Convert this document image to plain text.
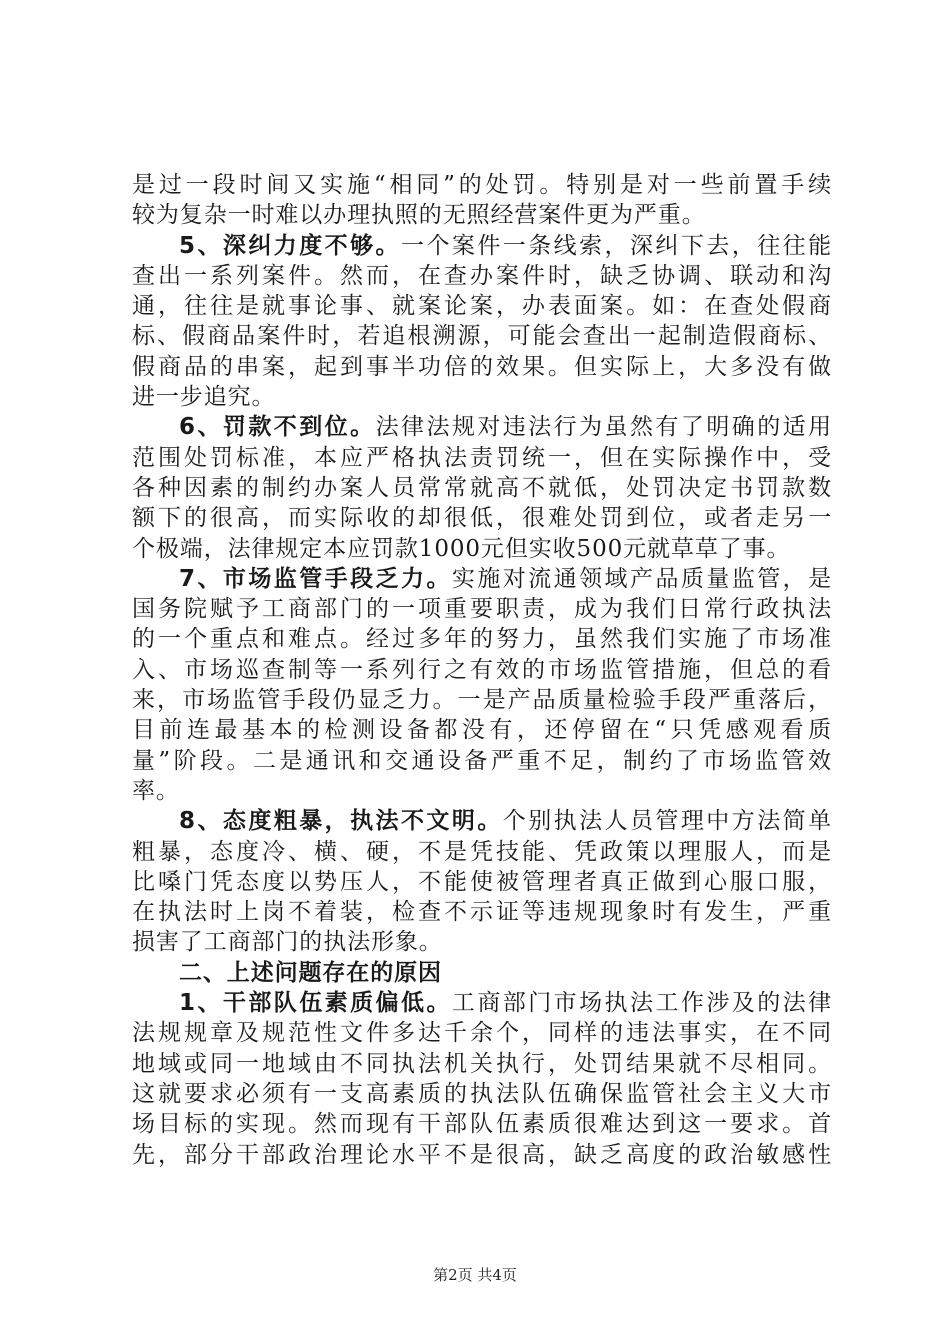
是过一段时间又实施“相同”的处罚。特别是对一些前置手续
较为复杂一时难以办理执照的无照经营案件更为严重。
5、深纠力度不够。一个案件一条线索，深纠下去，往往能
查出一系列案件。然而，在查办案件时，缺乏协调、联动和沟
通，往往是就事论事、就案论案，办表面案。如：在查处假商
标、假商品案件时，若追根溯源，可能会查出一起制造假商标、
假商品的串案，起到事半功倍的效果。但实际上，大多没有做
进一步追究。
6、罚款不到位。法律法规对违法行为虽然有了明确的适用
范围处罚标准，本应严格执法责罚统一，但在实际操作中，受
各种因素的制约办案人员常常就高不就低，处罚决定书罚款数
额下的很高，而实际收的却很低，很难处罚到位，或者走另一
个极端，法律规定本应罚款1000元但实收500元就草草了事。
7、市场监管手段乏力。实施对流通领域产品质量监管，是
国务院赋予工商部门的一项重要职责，成为我们日常行政执法
的一个重点和难点。经过多年的努力，虽然我们实施了市场准
入、市场巡查制等一系列行之有效的市场监管措施，但总的看
来，市场监管手段仍显乏力。一是产品质量检验手段严重落后，
目前连最基本的检测设备都没有，还停留在“只凭感观看质
量”阶段。二是通讯和交通设备严重不足，制约了市场监管效
率。
8、态度粗暴，执法不文明。个别执法人员管理中方法简单
粗暴，态度冷、横、硬，不是凭技能、凭政策以理服人，而是
比嗓门凭态度以势压人，不能使被管理者真正做到心服口服，
在执法时上岗不着装，检查不示证等违规现象时有发生，严重
损害了工商部门的执法形象。
二、上述问题存在的原因
1、干部队伍素质偏低。工商部门市场执法工作涉及的法律
法规规章及规范性文件多达千余个，同样的违法事实，在不同
地域或同一地域由不同执法机关执行，处罚结果就不尽相同。
这就要求必须有一支高素质的执法队伍确保监管社会主义大市
场目标的实现。然而现有干部队伍素质很难达到这一要求。首
先，部分干部政治理论水平不是很高，缺乏高度的政治敏感性
第2页 共4页
